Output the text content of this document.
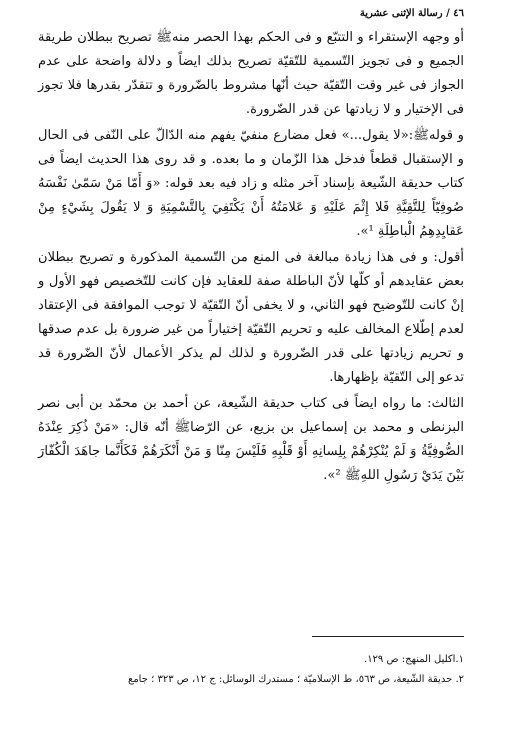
٤٦ / رسالة الإثنى عشرية

أو وجهه الإستقراء و التتبّع و فى الحكم بهذا الحصر منهﷺ تصريح ببطلان طريقة الجميع و فى تجويز التّسمية للتّقيّة تصريح بذلك ايضاً و دلالة واضحة على عدم الجواز فى غير وقت التّقيّة حيث أنّها مشروط بالضّرورة و تتقدّر بقدرها فلا تجوز فى الإختيار و لا زيادتها عن قدر الضّرورة.

و قولهﷺ:«لا يقول...» فعل مضارع منفيّ يفهم منه الدّالّ على النّفى فى الحال و الإستقبال قطعاً فدخل هذا الزّمان و ما بعده. و قد روى هذا الحديث ايضاً فى كتاب حديقة الشّيعة بإسناد آخر مثله و زاد فيه بعد قوله: «وَ أَمّا مَنْ سَمّىٰ نَفْسَهُ صُوفِيّاً لِلتَّقِيَّةِ فَلا إِثْمَ عَلَيْهِ وَ عَلامَتُهُ أَنْ يَكْتَفِيَ بِالتَّسْمِيَةِ وَ لا يَقُولَ بِشَيْءٍ مِنْ عَقايِدِهِمُ الْباطِلَةِ ¹».

أقول: و فى هذا زيادة مبالغة فى المنع من التّسمية المذكورة و تصريح ببطلان بعض عقايدهم أو كلّها لأنّ الباطلة صفة للعقايد فإن كانت للتّخصيص فهو الأول و إنْ كانت للتّوضيح فهو الثاني، و لا يخفى أنّ التّقيّة لا توجب الموافقة فى الإعتقاد لعدم إطّلاع المخالف عليه و تحريم التّقيّة إختياراً من غير ضرورة بل عدم صدقها و تحريم زيادتها على قدر الضّرورة و لذلك لم يذكر الأعمال لأنّ الضّرورة قد تدعو إلى التّقيّة بإظهارها.

الثالث: ما رواه ايضاً فى كتاب حديقة الشّيعة، عن أحمد بن محمّد بن أبى نصر البزنطى و محمد بن إسماعيل بن بزيع، عن الرّضاﷺ أنّه قال: «مَنْ ذُكِرَ عِنْدَهُ الصُّوفِيَّةُ وَ لَمْ يُنْكِرْهُمْ بِلِسانِهِ أَوْ قَلْبِهِ فَلَيْسَ مِنّا وَ مَنْ أَنْكَرَهُمْ فَكَأَنَّما جاهَدَ الْكُفّارَ بَيْنَ يَدَيْ رَسُولِ اللهِﷺ ²».

١.اكليل المنهج: ص ١٢٩.
٢. حديقة الشّيعة، ص ٥٦٣، ط الإسلاميّة ؛ مستدرك الوسائل: ج ١٢، ص ٣٢٣ ؛ جامع
